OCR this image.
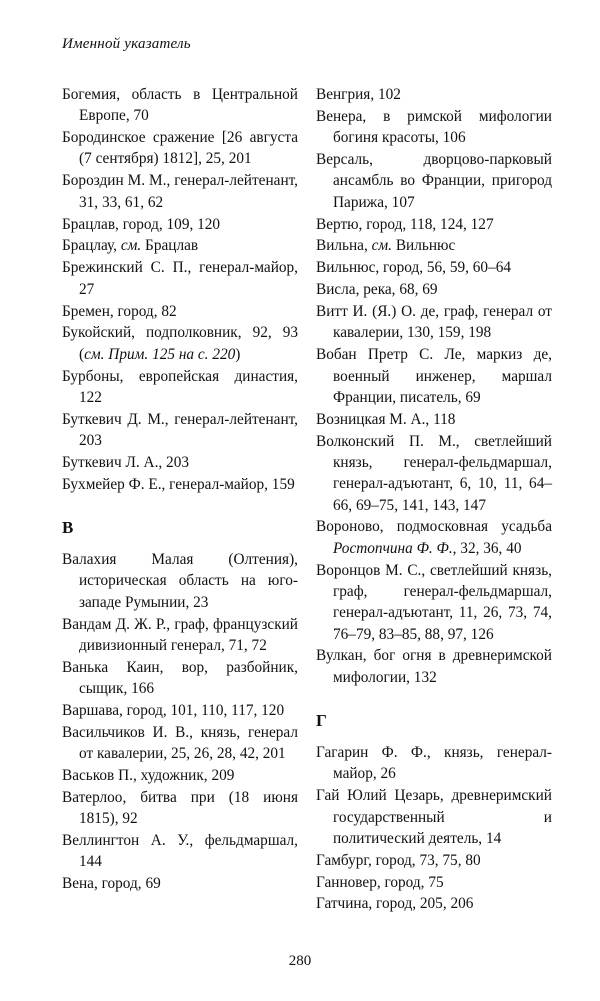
Именной указатель

Богемия, область в Центральной Европе, 70

Бородинское сражение [26 августа (7 сентября) 1812], 25, 201

Бороздин М. М., генерал-лейтенант, 31, 33, 61, 62

Брацлав, город, 109, 120

Брацлау, см. Брацлав

Брежинский С. П., генерал-майор, 27

Бремен, город, 82

Букойский, подполковник, 92, 93 (см. Прим. 125 на с. 220)

Бурбоны, европейская династия, 122

Буткевич Д. М., генерал-лейтенант, 203

Буткевич Л. А., 203

Бухмейер Ф. Е., генерал-майор, 159

В

Валахия Малая (Олтения), историческая область на юго-западе Румынии, 23

Вандам Д. Ж. Р., граф, французский дивизионный генерал, 71, 72

Ванька Каин, вор, разбойник, сыщик, 166

Варшава, город, 101, 110, 117, 120

Васильчиков И. В., князь, генерал от кавалерии, 25, 26, 28, 42, 201

Васьков П., художник, 209

Ватерлоо, битва при (18 июня 1815), 92

Веллингтон А. У., фельдмаршал, 144

Вена, город, 69

Венгрия, 102

Венера, в римской мифологии богиня красоты, 106

Версаль, дворцово-парковый ансамбль во Франции, пригород Парижа, 107

Вертю, город, 118, 124, 127

Вильна, см. Вильнюс

Вильнюс, город, 56, 59, 60–64

Висла, река, 68, 69

Витт И. (Я.) О. де, граф, генерал от кавалерии, 130, 159, 198

Вобан Претр С. Ле, маркиз де, военный инженер, маршал Франции, писатель, 69

Возницкая М. А., 118

Волконский П. М., светлейший князь, генерал-фельдмаршал, генерал-адъютант, 6, 10, 11, 64–66, 69–75, 141, 143, 147

Вороново, подмосковная усадьба Ростопчина Ф. Ф., 32, 36, 40

Воронцов М. С., светлейший князь, граф, генерал-фельдмаршал, генерал-адъютант, 11, 26, 73, 74, 76–79, 83–85, 88, 97, 126

Вулкан, бог огня в древнеримской мифологии, 132

Г

Гагарин Ф. Ф., князь, генерал-майор, 26

Гай Юлий Цезарь, древнеримский государственный и политический деятель, 14

Гамбург, город, 73, 75, 80

Ганновер, город, 75

Гатчина, город, 205, 206

280
